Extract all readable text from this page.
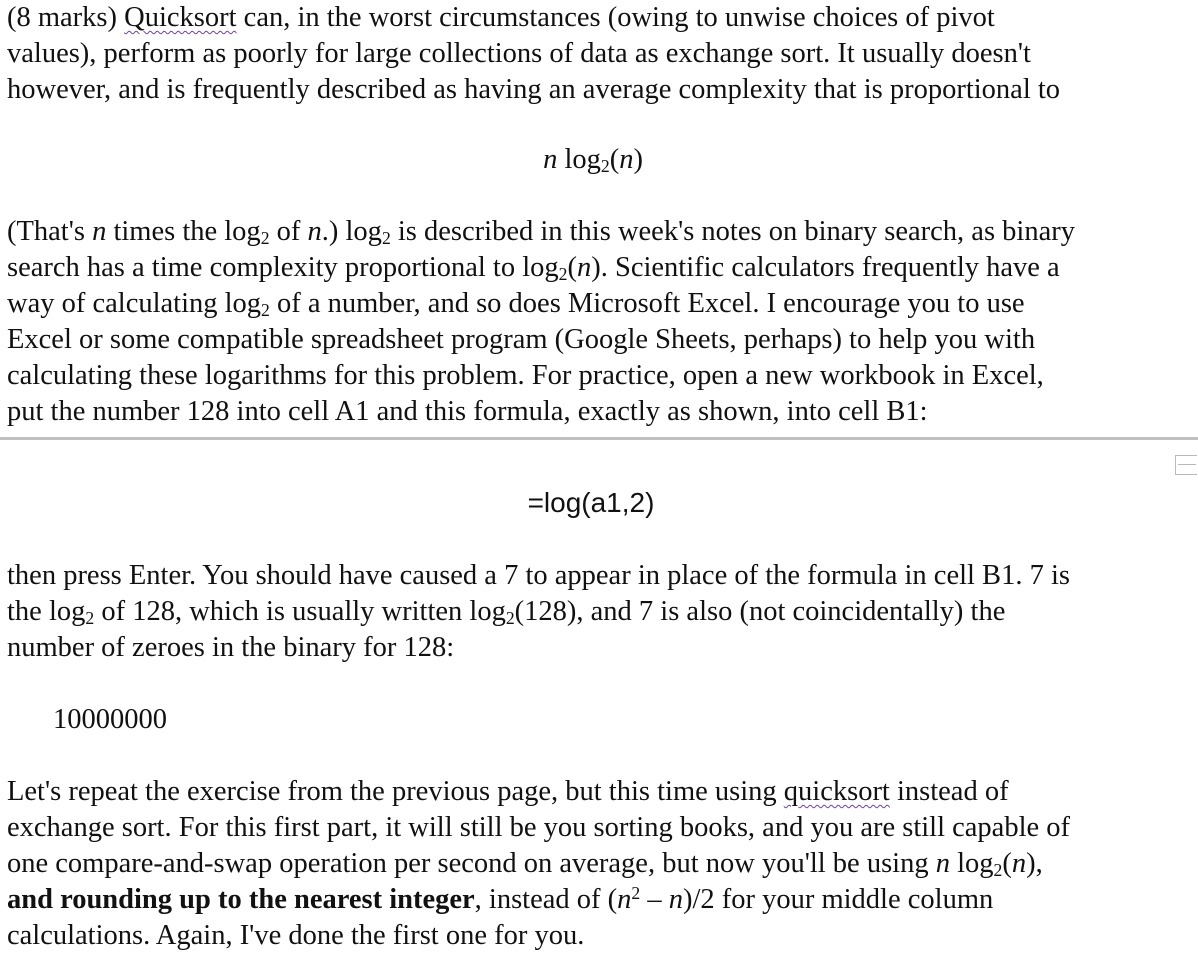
(8 marks) Quicksort can, in the worst circumstances (owing to unwise choices of pivot
values), perform as poorly for large collections of data as exchange sort. It usually doesn't
however, and is frequently described as having an average complexity that is proportional to

n $\log_2(n)$

(That's n times the $\log_2$ of n.) $\log_2$ is described in this week's notes on binary search, as binary
search has a time complexity proportional to $\log_2(n)$. Scientific calculators frequently have a
way of calculating $\log_2$ of a number, and so does Microsoft Excel. I encourage you to use
Excel or some compatible spreadsheet program (Google Sheets, perhaps) to help you with
calculating these logarithms for this problem. For practice, open a new workbook in Excel,
put the number 128 into cell A1 and this formula, exactly as shown, into cell B1:

=log(a1,2)

then press Enter. You should have caused a 7 to appear in place of the formula in cell B1. 7 is
the $\log_2$ of 128, which is usually written $\log_2(128)$, and 7 is also (not coincidentally) the
number of zeroes in the binary for 128:

10000000

Let's repeat the exercise from the previous page, but this time using quicksort instead of
exchange sort. For this first part, it will still be you sorting books, and you are still capable of
one compare-and-swap operation per second on average, but now you'll be using n $\log_2(n)$,
and rounding up to the nearest integer, instead of $(n^2 - n)/2$ for your middle column
calculations. Again, I've done the first one for you.
